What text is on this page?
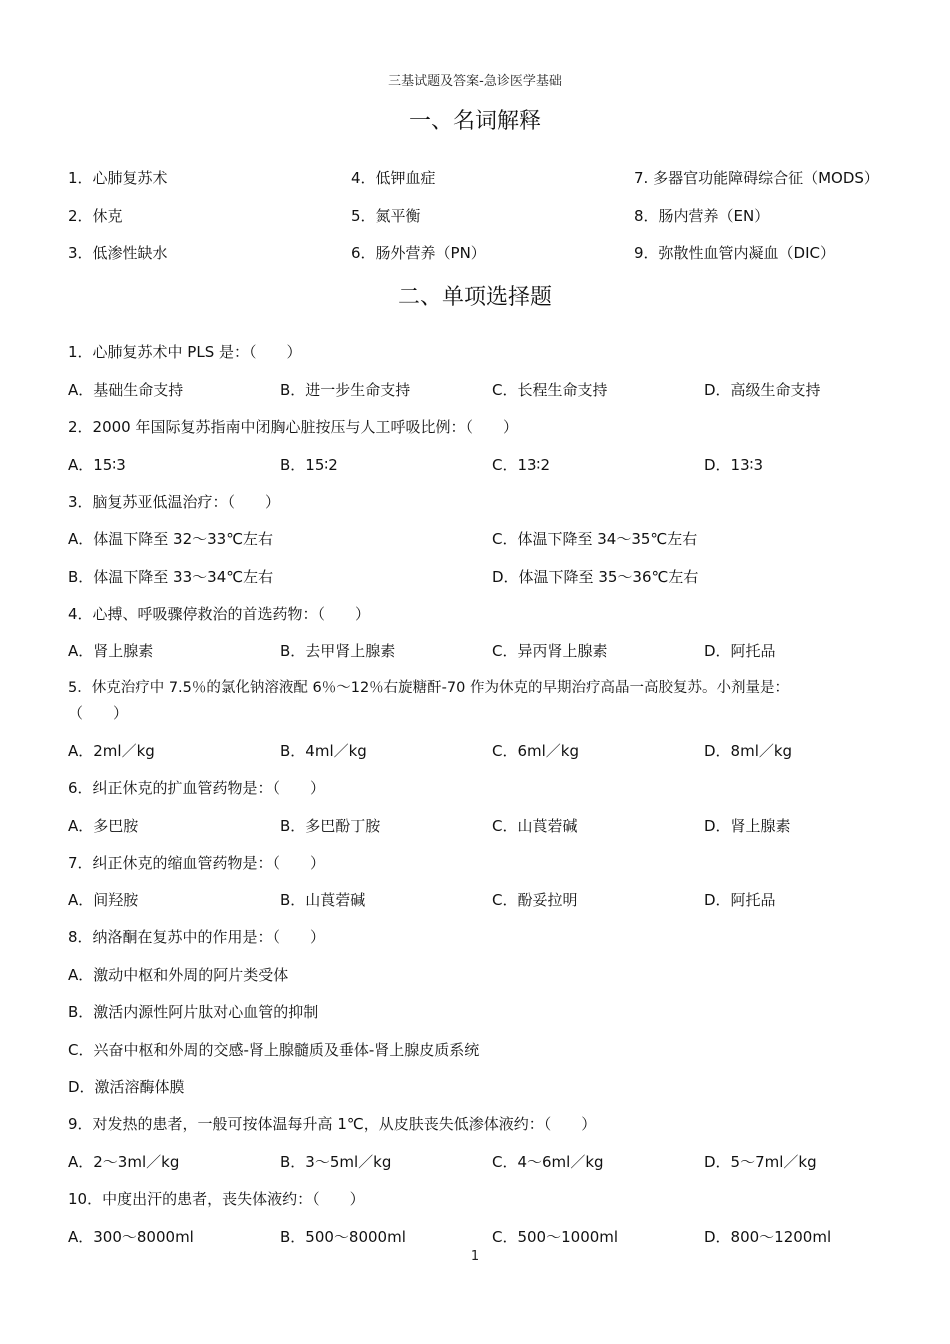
三基试题及答案-急诊医学基础
一、名词解释
1．心肺复苏术	4．低钾血症	7. 多器官功能障碍综合征（MODS）
2．休克	5．氮平衡	8．肠内营养（EN）
3．低渗性缺水	6．肠外营养（PN）	9．弥散性血管内凝血（DIC）
二、单项选择题
1．心肺复苏术中 PLS 是：（　　）
A．基础生命支持	B．进一步生命支持	C．长程生命支持	D．高级生命支持
2．2000 年国际复苏指南中闭胸心脏按压与人工呼吸比例：（　　）
A．15∶3	B．15∶2	C．13∶2	D．13∶3
3．脑复苏亚低温治疗：（　　）
A．体温下降至 32～33℃左右	C．体温下降至 34～35℃左右
B．体温下降至 33～34℃左右	D．体温下降至 35～36℃左右
4．心搏、呼吸骤停救治的首选药物：（　　）
A．肾上腺素	B．去甲肾上腺素	C．异丙肾上腺素	D．阿托品
5．休克治疗中 7.5％的氯化钠溶液配 6％～12％右旋糖酐-70 作为休克的早期治疗高晶一高胶复苏。小剂量是：
（　　）
A．2ml／kg	B．4ml／kg	C．6ml／kg	D．8ml／kg
6．纠正休克的扩血管药物是：（　　）
A．多巴胺	B．多巴酚丁胺	C．山莨菪碱	D．肾上腺素
7．纠正休克的缩血管药物是：（　　）
A．间羟胺	B．山莨菪碱	C．酚妥拉明	D．阿托品
8．纳洛酮在复苏中的作用是：（　　）
A．激动中枢和外周的阿片类受体
B．激活内源性阿片肽对心血管的抑制
C．兴奋中枢和外周的交感-肾上腺髓质及垂体-肾上腺皮质系统
D．激活溶酶体膜
9．对发热的患者，一般可按体温每升高 1℃，从皮肤丧失低渗体液约：（　　）
A．2～3ml／kg	B．3～5ml／kg	C．4～6ml／kg	D．5～7ml／kg
10．中度出汗的患者，丧失体液约：（　　）
A．300～8000ml	B．500～8000ml	C．500～1000ml	D．800～1200ml
1
